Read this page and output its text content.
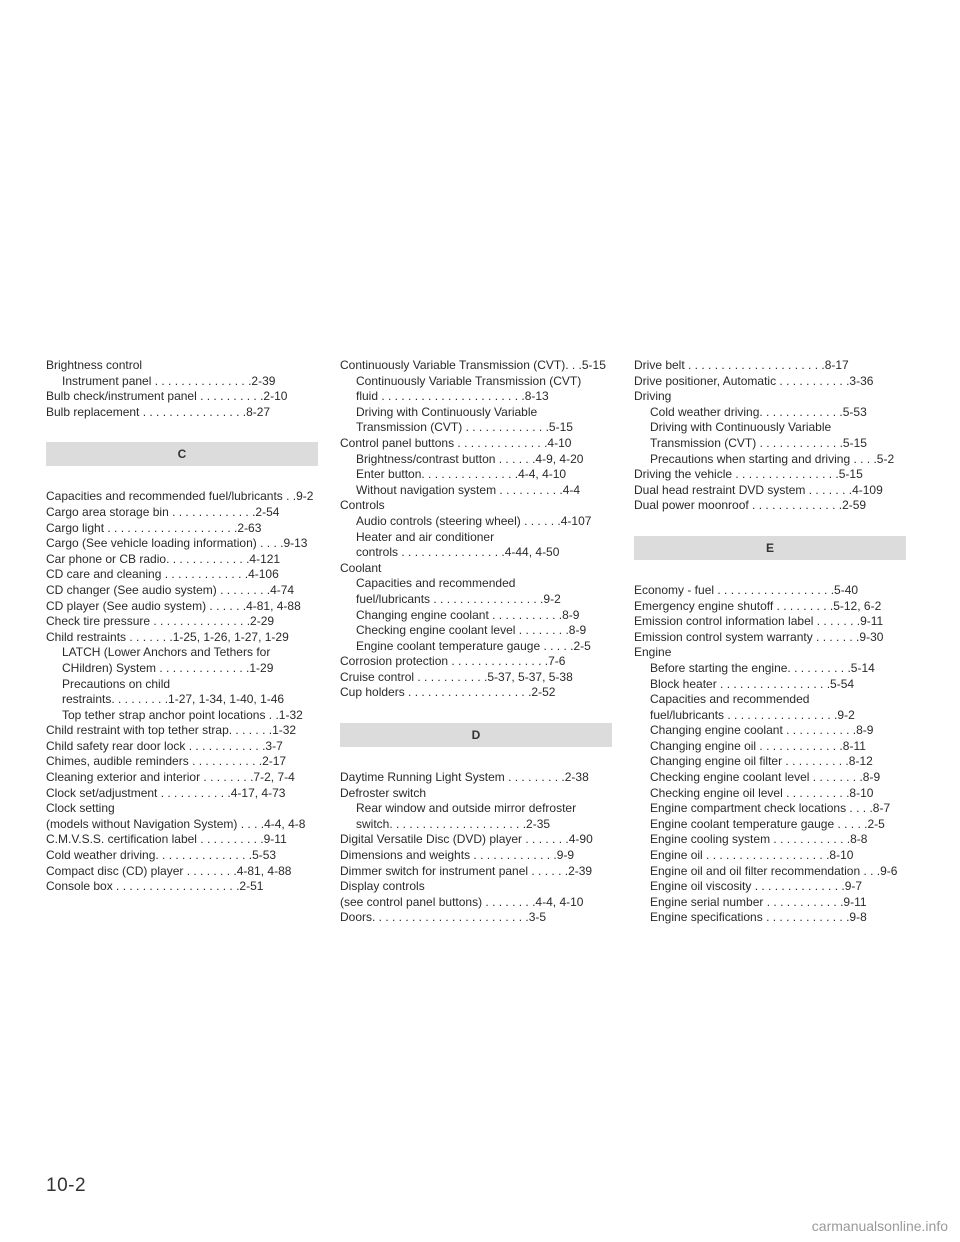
Brightness control
Instrument panel . . . . . . . . . . . . . . .2-39
Bulb check/instrument panel . . . . . . . . . .2-10
Bulb replacement . . . . . . . . . . . . . . . .8-27
C
Capacities and recommended fuel/lubricants . .9-2
Cargo area storage bin . . . . . . . . . . . . .2-54
Cargo light . . . . . . . . . . . . . . . . . . . .2-63
Cargo (See vehicle loading information) . . . .9-13
Car phone or CB radio. . . . . . . . . . . . .4-121
CD care and cleaning . . . . . . . . . . . . .4-106
CD changer (See audio system) . . . . . . . .4-74
CD player (See audio system) . . . . . .4-81, 4-88
Check tire pressure . . . . . . . . . . . . . . .2-29
Child restraints . . . . . . .1-25, 1-26, 1-27, 1-29
LATCH (Lower Anchors and Tethers for
CHildren) System . . . . . . . . . . . . . .1-29
Precautions on child
restraints. . . . . . . . .1-27, 1-34, 1-40, 1-46
Top tether strap anchor point locations . .1-32
Child restraint with top tether strap. . . . . . .1-32
Child safety rear door lock . . . . . . . . . . . .3-7
Chimes, audible reminders . . . . . . . . . . .2-17
Cleaning exterior and interior . . . . . . . .7-2, 7-4
Clock set/adjustment . . . . . . . . . . .4-17, 4-73
Clock setting
(models without Navigation System) . . . .4-4, 4-8
C.M.V.S.S. certification label . . . . . . . . . .9-11
Cold weather driving. . . . . . . . . . . . . . .5-53
Compact disc (CD) player . . . . . . . .4-81, 4-88
Console box . . . . . . . . . . . . . . . . . . .2-51
Continuously Variable Transmission (CVT). . .5-15
Continuously Variable Transmission (CVT)
fluid . . . . . . . . . . . . . . . . . . . . . .8-13
Driving with Continuously Variable
Transmission (CVT) . . . . . . . . . . . . .5-15
Control panel buttons . . . . . . . . . . . . . .4-10
Brightness/contrast button . . . . . .4-9, 4-20
Enter button. . . . . . . . . . . . . . .4-4, 4-10
Without navigation system . . . . . . . . . .4-4
Controls
Audio controls (steering wheel) . . . . . .4-107
Heater and air conditioner
controls . . . . . . . . . . . . . . . .4-44, 4-50
Coolant
Capacities and recommended
fuel/lubricants . . . . . . . . . . . . . . . . .9-2
Changing engine coolant . . . . . . . . . . .8-9
Checking engine coolant level . . . . . . . .8-9
Engine coolant temperature gauge . . . . .2-5
Corrosion protection . . . . . . . . . . . . . . .7-6
Cruise control . . . . . . . . . . .5-37, 5-37, 5-38
Cup holders . . . . . . . . . . . . . . . . . . .2-52
D
Daytime Running Light System . . . . . . . . .2-38
Defroster switch
Rear window and outside mirror defroster
switch. . . . . . . . . . . . . . . . . . . . .2-35
Digital Versatile Disc (DVD) player . . . . . . .4-90
Dimensions and weights . . . . . . . . . . . . .9-9
Dimmer switch for instrument panel . . . . . .2-39
Display controls
(see control panel buttons) . . . . . . . .4-4, 4-10
Doors. . . . . . . . . . . . . . . . . . . . . . . .3-5
Drive belt . . . . . . . . . . . . . . . . . . . . .8-17
Drive positioner, Automatic . . . . . . . . . . .3-36
Driving
Cold weather driving. . . . . . . . . . . . .5-53
Driving with Continuously Variable
Transmission (CVT) . . . . . . . . . . . . .5-15
Precautions when starting and driving . . . .5-2
Driving the vehicle . . . . . . . . . . . . . . . .5-15
Dual head restraint DVD system . . . . . . .4-109
Dual power moonroof . . . . . . . . . . . . . .2-59
E
Economy - fuel . . . . . . . . . . . . . . . . . .5-40
Emergency engine shutoff . . . . . . . . .5-12, 6-2
Emission control information label . . . . . . .9-11
Emission control system warranty . . . . . . .9-30
Engine
Before starting the engine. . . . . . . . . .5-14
Block heater . . . . . . . . . . . . . . . . .5-54
Capacities and recommended
fuel/lubricants . . . . . . . . . . . . . . . . .9-2
Changing engine coolant . . . . . . . . . . .8-9
Changing engine oil . . . . . . . . . . . . .8-11
Changing engine oil filter . . . . . . . . . .8-12
Checking engine coolant level . . . . . . . .8-9
Checking engine oil level . . . . . . . . . .8-10
Engine compartment check locations . . . .8-7
Engine coolant temperature gauge . . . . .2-5
Engine cooling system . . . . . . . . . . . .8-8
Engine oil . . . . . . . . . . . . . . . . . . .8-10
Engine oil and oil filter recommendation . . .9-6
Engine oil viscosity . . . . . . . . . . . . . .9-7
Engine serial number . . . . . . . . . . . .9-11
Engine specifications . . . . . . . . . . . . .9-8
10-2
carmanualsonline.info
